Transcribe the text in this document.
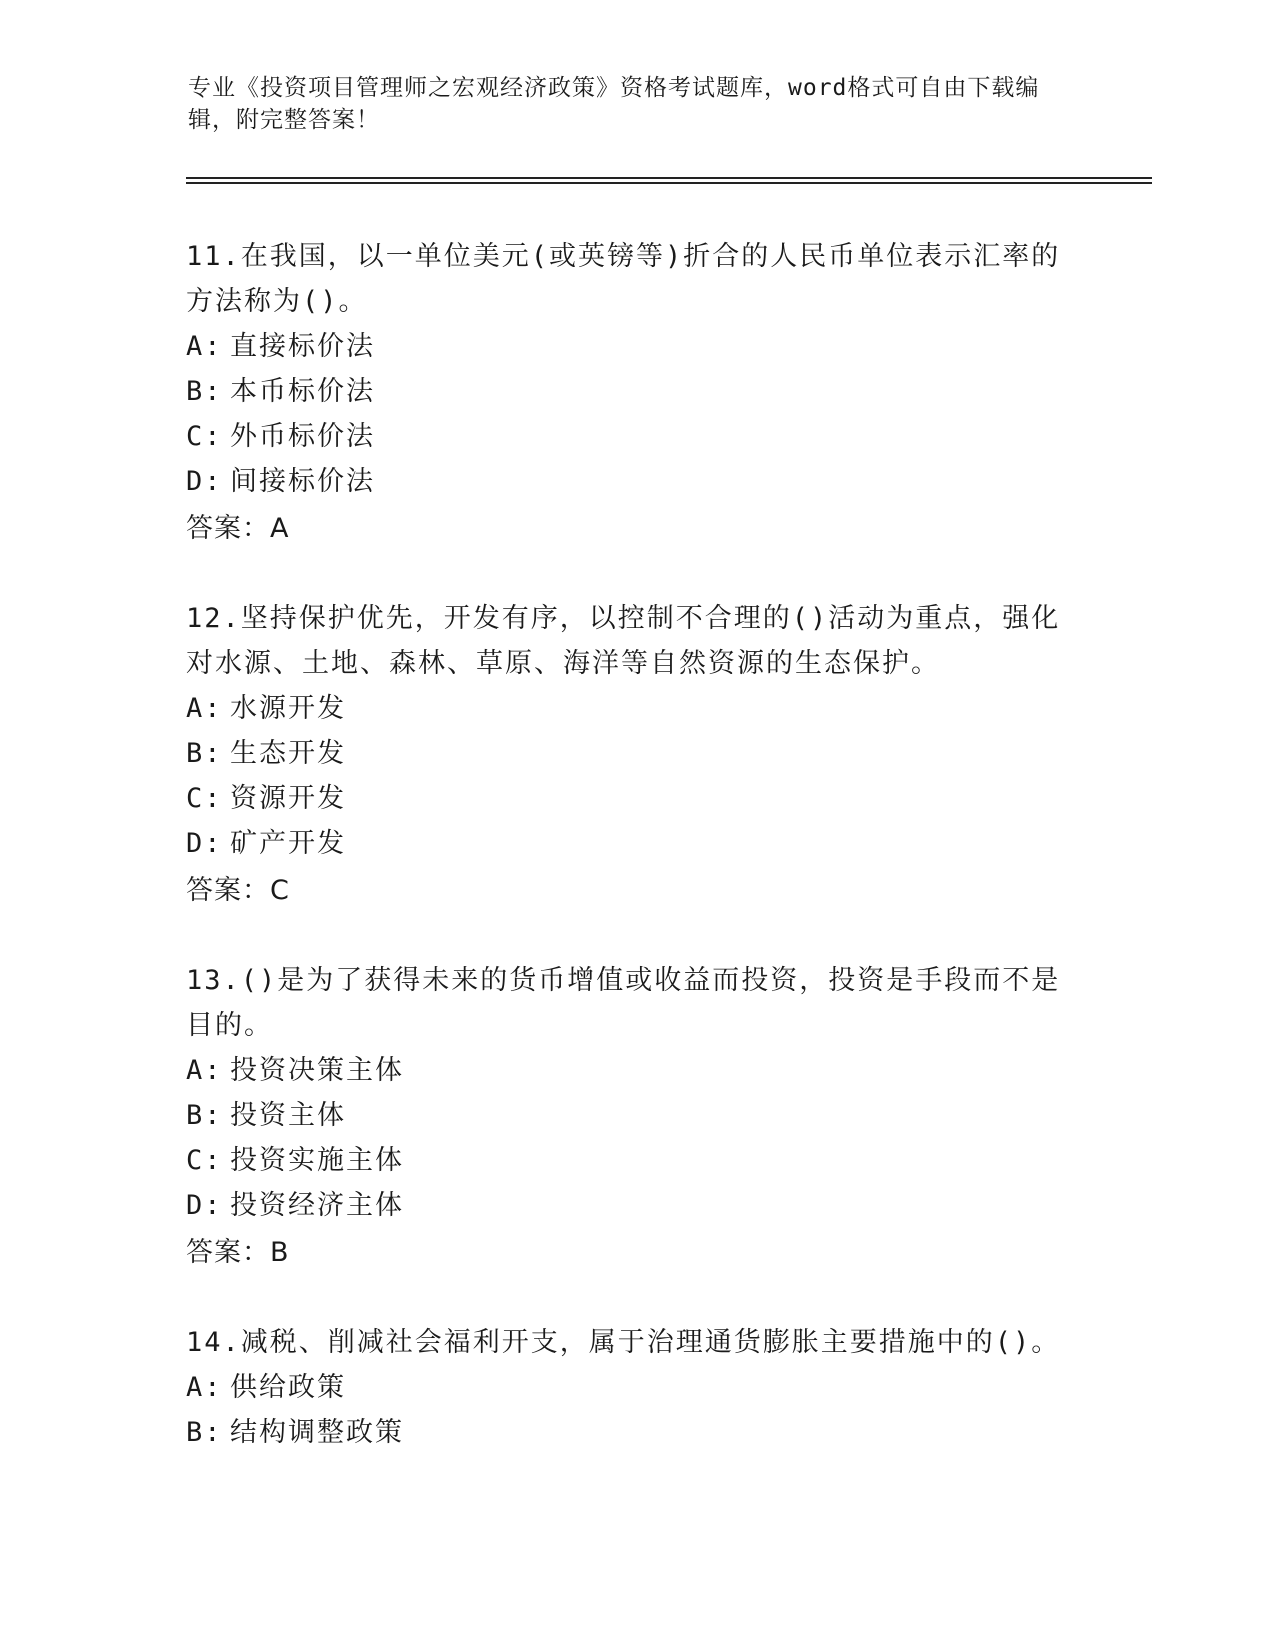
专业《投资项目管理师之宏观经济政策》资格考试题库，word格式可自由下载编辑，附完整答案！

11.在我国，以一单位美元(或英镑等)折合的人民币单位表示汇率的方法称为()。

A: 直接标价法
B: 本币标价法
C: 外币标价法
D: 间接标价法
答案：A

12.坚持保护优先，开发有序，以控制不合理的()活动为重点，强化对水源、土地、森林、草原、海洋等自然资源的生态保护。

A: 水源开发
B: 生态开发
C: 资源开发
D: 矿产开发
答案：C

13.()是为了获得未来的货币增值或收益而投资，投资是手段而不是目的。

A: 投资决策主体
B: 投资主体
C: 投资实施主体
D: 投资经济主体
答案：B

14.减税、削减社会福利开支，属于治理通货膨胀主要措施中的()。

A: 供给政策
B: 结构调整政策
